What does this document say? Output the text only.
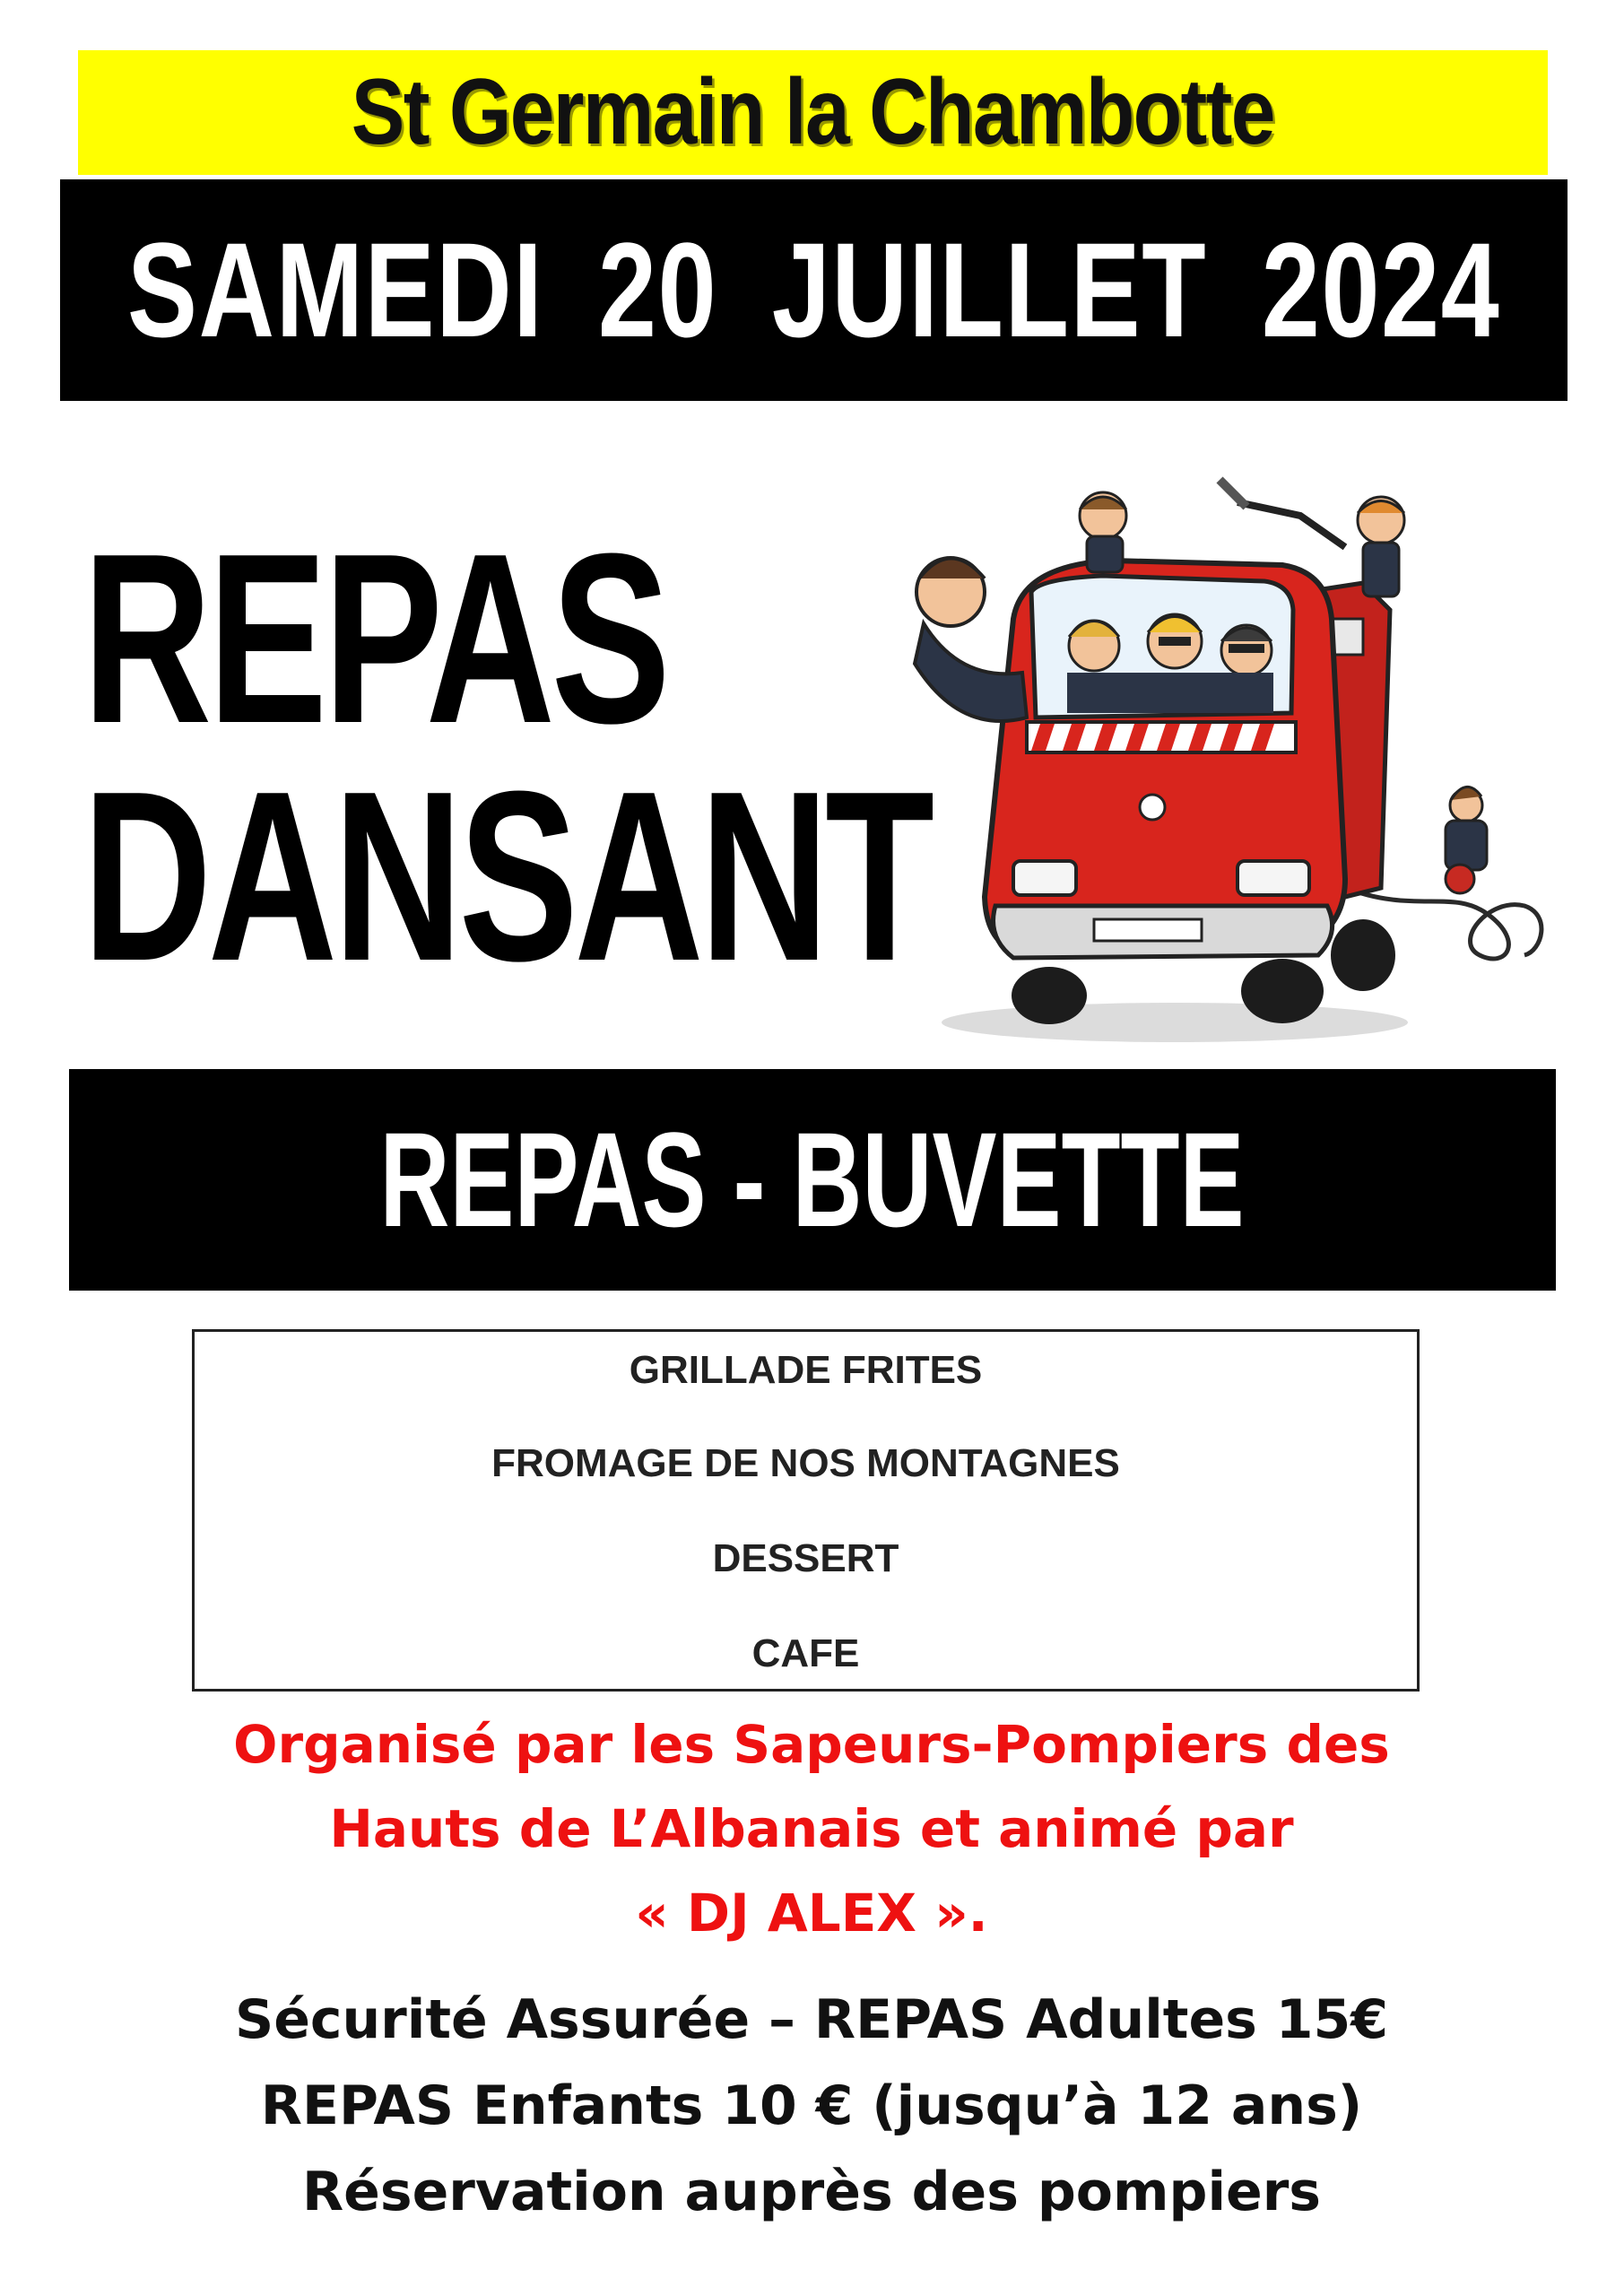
St Germain la Chambotte
SAMEDI 20 JUILLET 2024
REPAS
DANSANT
REPAS - BUVETTE
GRILLADE FRITES
FROMAGE DE NOS MONTAGNES
DESSERT
CAFE
Organisé par les Sapeurs-Pompiers des
Hauts de L’Albanais et animé par
« DJ ALEX ».
Sécurité Assurée – REPAS Adultes 15€
REPAS Enfants 10 € (jusqu’à 12 ans)
Réservation auprès des pompiers
